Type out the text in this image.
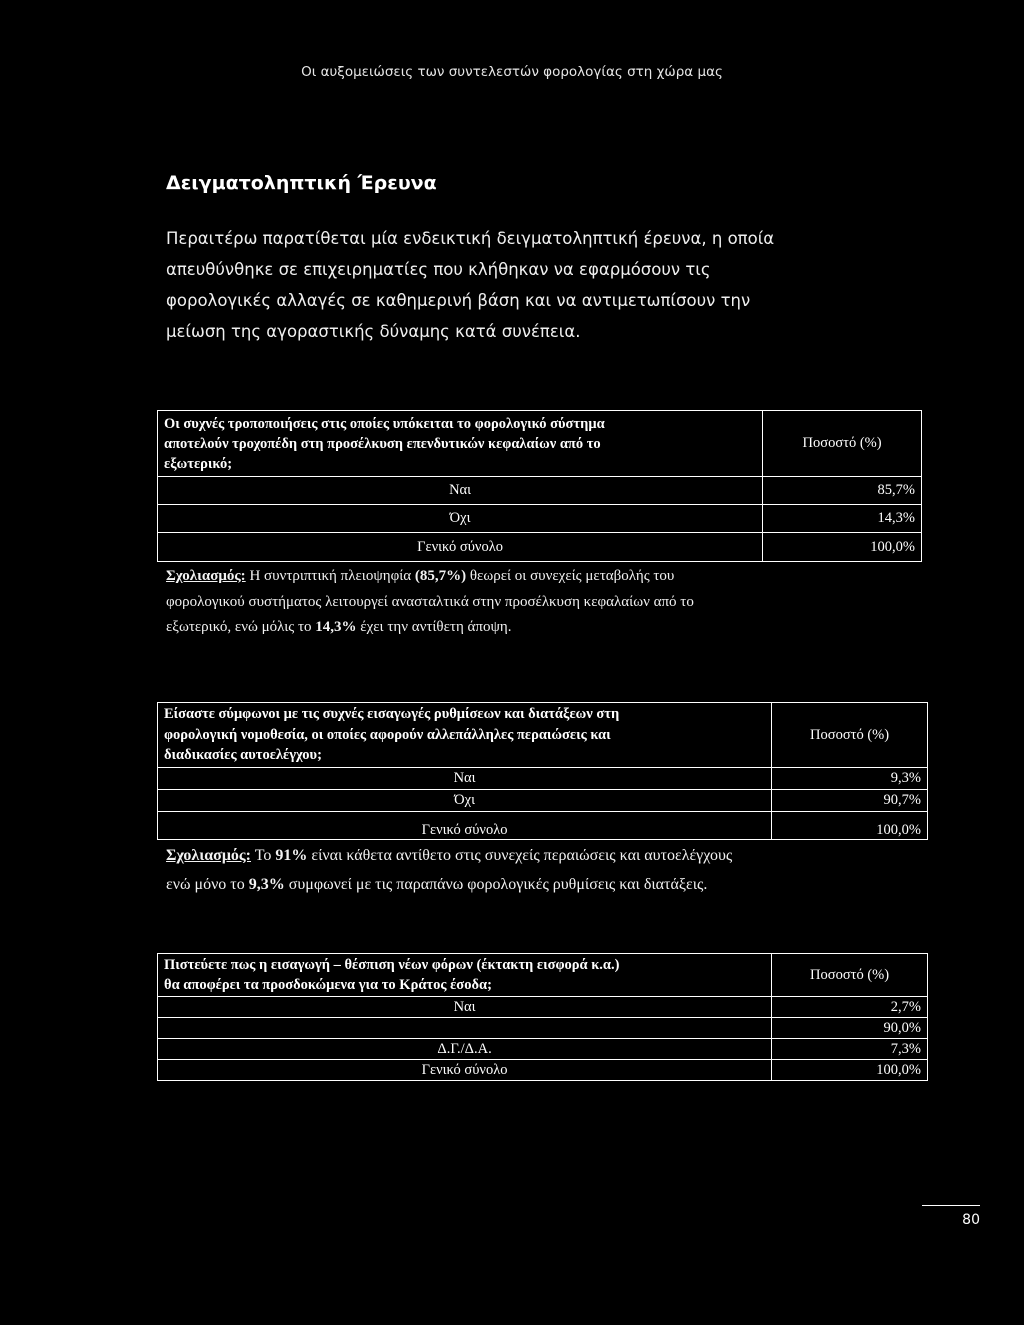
Οι αυξομειώσεις των συντελεστών φορολογίας στη χώρα μας
Δειγματοληπτική Έρευνα
Περαιτέρω παρατίθεται μία ενδεικτική δειγματοληπτική έρευνα, η οποία
απευθύνθηκε σε επιχειρηματίες που κλήθηκαν να εφαρμόσουν τις
φορολογικές αλλαγές σε καθημερινή βάση και να αντιμετωπίσουν την
μείωση της αγοραστικής δύναμης κατά συνέπεια.
Οι συχνές τροποποιήσεις στις οποίες υπόκειται το φορολογικό σύστημα
αποτελούν τροχοπέδη στη προσέλκυση επενδυτικών κεφαλαίων από το
εξωτερικό;	Ποσοστό (%)
Ναι	85,7%
Όχι	14,3%
Γενικό σύνολο	100,0%
Σχολιασμός: Η συντριπτική πλειοψηφία (85,7%) θεωρεί οι συνεχείς μεταβολής του
φορολογικού συστήματος λειτουργεί ανασταλτικά στην προσέλκυση κεφαλαίων από το
εξωτερικό, ενώ μόλις το 14,3% έχει την αντίθετη άποψη.
Είσαστε σύμφωνοι με τις συχνές εισαγωγές ρυθμίσεων και διατάξεων στη
φορολογική νομοθεσία, οι οποίες αφορούν αλλεπάλληλες περαιώσεις και
διαδικασίες αυτοελέγχου;	Ποσοστό (%)
Ναι	9,3%
Όχι	90,7%
Γενικό σύνολο	100,0%
Σχολιασμός: Το 91% είναι κάθετα αντίθετο στις συνεχείς περαιώσεις και αυτοελέγχους
ενώ μόνο το 9,3% συμφωνεί με τις παραπάνω φορολογικές ρυθμίσεις και διατάξεις.
Πιστεύετε πως η εισαγωγή – θέσπιση νέων φόρων (έκτακτη εισφορά κ.α.)
θα αποφέρει τα προσδοκώμενα για το Κράτος έσοδα;	Ποσοστό (%)
Ναι	2,7%
	90,0%
Δ.Γ./Δ.Α.	7,3%
Γενικό σύνολο	100,0%
80
